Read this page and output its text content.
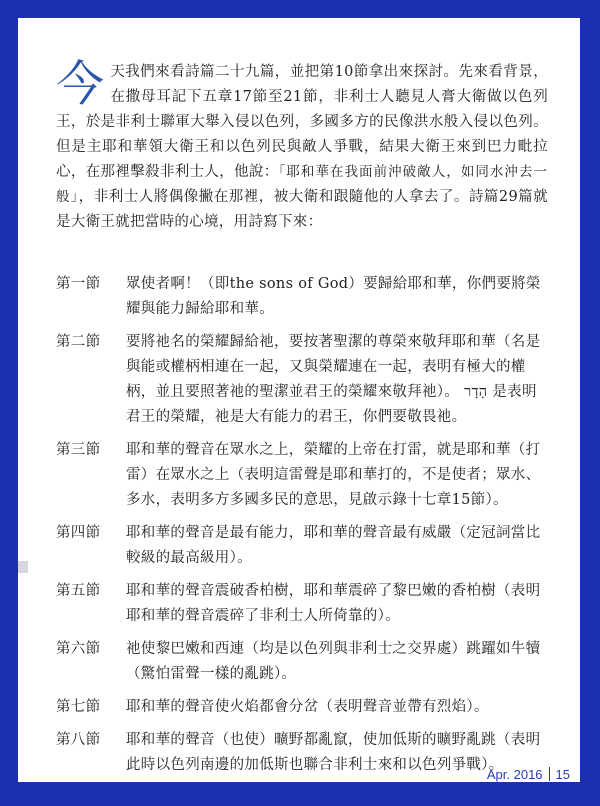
今 天我們來看詩篇二十九篇，並把第10節拿出來探討。先來看背景，在撒母耳記下五章17節至21節，非利士人聽見人膏大衛做以色列王，於是非利士聯軍大舉入侵以色列，多國多方的民像洪水般入侵以色列。但是主耶和華領大衛王和以色列民與敵人爭戰，結果大衛王來到巴力毗拉心，在那裡擊殺非利士人，他說：「耶和華在我面前沖破敵人，如同水沖去一般」，非利士人將偶像撇在那裡，被大衛和跟隨他的人拿去了。詩篇29篇就是大衛王就把當時的心境，用詩寫下來：
第一節	眾使者啊！（即the sons of God）要歸給耶和華，你們要將榮耀與能力歸給耶和華。
第二節	要將祂名的榮耀歸給祂，要按著聖潔的尊榮來敬拜耶和華（名是與能或權柄相連在一起，又與榮耀連在一起，表明有極大的權柄，並且要照著祂的聖潔並君王的榮耀來敬拜祂）。 הָדָר 是表明君王的榮耀，祂是大有能力的君王，你們要敬畏祂。
第三節	耶和華的聲音在眾水之上，榮耀的上帝在打雷，就是耶和華（打雷）在眾水之上（表明這雷聲是耶和華打的，不是使者；眾水、多水，表明多方多國多民的意思，見啟示錄十七章15節）。
第四節	耶和華的聲音是最有能力，耶和華的聲音最有威嚴（定冠詞當比較級的最高級用）。
第五節	耶和華的聲音震破香柏樹，耶和華震碎了黎巴嫩的香柏樹（表明耶和華的聲音震碎了非利士人所倚靠的）。
第六節	祂使黎巴嫩和西連（均是以色列與非利士之交界處）跳躍如牛犢（驚怕雷聲一樣的亂跳）。
第七節	耶和華的聲音使火焰都會分岔（表明聲音並帶有烈焰）。
第八節	耶和華的聲音（也使）曠野都亂竄，使加低斯的曠野亂跳（表明此時以色列南邊的加低斯也聯合非利士來和以色列爭戰）。
Apr. 2016 15
